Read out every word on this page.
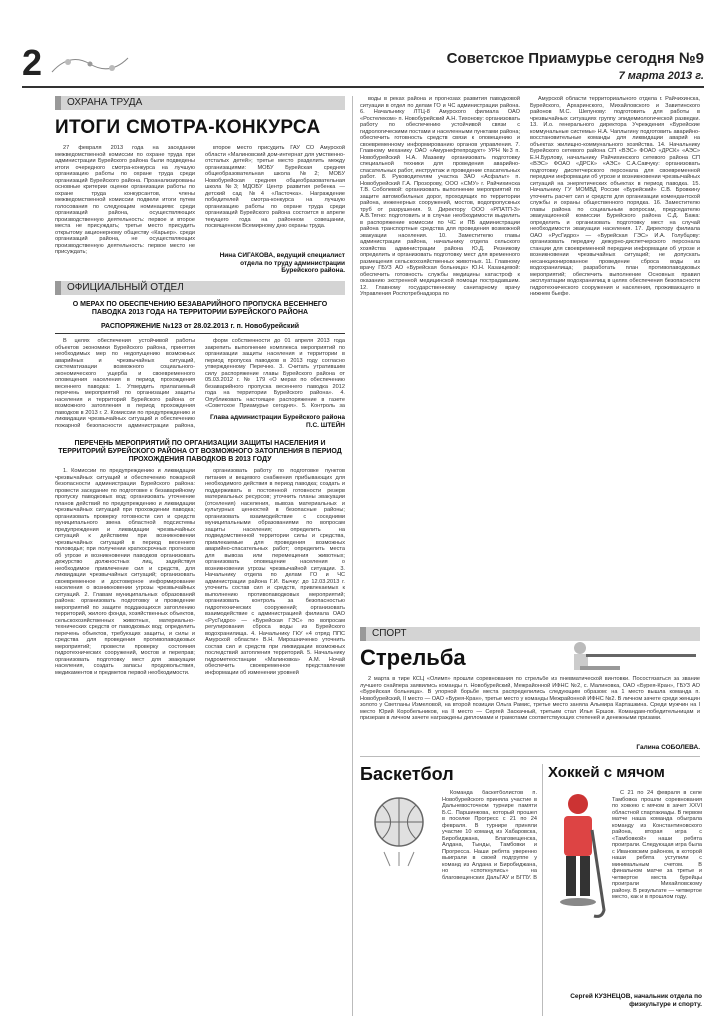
2	Советское Приамурье сегодня №9
7 марта 2013 г.
ОХРАНА ТРУДА
ИТОГИ СМОТРА-КОНКУРСА

27 февраля 2013 года на заседании межведомственной комиссии по охране труда при администрации Бурейского района были подведены итоги очередного смотра-конкурса на лучшую организацию работы по охране труда среди организаций Бурейского района. Проанализированы основные критерии оценки организации работы по охране труда конкурсантов, члены межведомственной комиссии подвели итоги путем голосования по следующим номинациям: среди организаций района, осуществляющих производственную деятельность: первое и второе места не присуждать; третье место присудить открытому акционерному обществу «Карьер». среди организаций района, не осуществляющих производственную деятельность: первое место не присуждать;

второе место присудить ГАУ СО Амурской области «Малиновский дом-интернат для умственно-отсталых детей»; третье место разделить между организациями: МОБУ Бурейская средняя общеобразовательная школа №2; МОБУ Новобурейская средняя общеобразовательная школа №3; МДОБУ Центр развития ребенка — детский сад №4 «Ласточка». Награждение победителей смотра-конкурса на лучшую организацию работы по охране труда среди организаций Бурейского района состоится в апреле текущего года на районном совещании, посвященном Всемирному дню охраны труда.

Нина СИГАКОВА, ведущий специалист отдела по труду администрации Бурейского района.
ОФИЦИАЛЬНЫЙ ОТДЕЛ
О МЕРАХ ПО ОБЕСПЕЧЕНИЮ БЕЗАВАРИЙНОГО ПРОПУСКА ВЕСЕННЕГО ПАВОДКА 2013 ГОДА НА ТЕРРИТОРИИ БУРЕЙСКОГО РАЙОНА
РАСПОРЯЖЕНИЕ №123 от 28.02.2013 г. п. Новобурейский

В целях обеспечения устойчивой работы объектов экономики Бурейского района, принятия необходимых мер по недопущению возможных аварийных и чрезвычайных ситуаций, систематизации возможного социального-экономического ущерба и своевременного оповещения населения в период прохождения весеннего паводка: 1. Утвердить прилагаемый перечень мероприятий по организации защиты населения и территорий Бурейского района от возможного затопления в период прохождения паводков в 2013 г. 2. Комиссии по предупреждению и ликвидации чрезвычайных ситуаций и обеспечению пожарной безопасности администрации района,

форм собственности до 01 апреля 2013 года закрепить выполнение комплекса мероприятий по организации защиты населения и территории в период пропуска паводков в 2013 году согласно утвержденному Перечню. 3. Считать утратившим силу распоряжение главы Бурейского района от 05.03.2012 г. № 179 «О мерах по обеспечению безаварийного пропуска весеннего паводка 2012 года на территории Бурейского района». 4. Опубликовать настоящее распоряжение в газете «Советское Приамурье сегодня». 5. Контроль за

Глава администрации Бурейского района П.С. ШТЕЙН
ПЕРЕЧЕНЬ МЕРОПРИЯТИЙ ПО ОРГАНИЗАЦИИ ЗАЩИТЫ НАСЕЛЕНИЯ И ТЕРРИТОРИЙ БУРЕЙСКОГО РАЙОНА ОТ ВОЗМОЖНОГО ЗАТОПЛЕНИЯ В ПЕРИОД ПРОХОЖДЕНИЯ ПАВОДКОВ В 2013 ГОДУ

1. Комиссии по предупреждению и ликвидации чрезвычайных ситуаций и обеспечению пожарной безопасности администрации Бурейского района: провести заседание по подготовке к безаварийному пропуску паводковых вод; организовать уточнение планов действий по предупреждению и ликвидации чрезвычайных ситуаций при прохождении паводка; организовать проверку готовности сил и средств муниципального звена областной подсистемы предупреждения и ликвидации чрезвычайных ситуаций к действиям при возникновении чрезвычайных ситуаций в период весеннего половодья; при получении краткосрочных прогнозов об угрозе и возникновении паводков организовать дежурство должностных лиц, задействуя необходимое привлечение сил и средств, для ликвидации чрезвычайных ситуаций; организовать своевременное и достоверное информирование населения о возникновении угрозы чрезвычайных ситуаций. 2. Главам муниципальных образований района: организовать подготовку и проведение мероприятий по защите поддающихся затоплению территорий, жилого фонда, хозяйственных объектов, сельскохозяйственных животных, материально-технических средств от паводковых вод; определить перечень объектов, требующих защиты, и силы и средства для проведения противопаводковых мероприятий; провести проверку состояния гидротехнических сооружений, мостов и переправ; организовать подготовку мест для эвакуации населения, создать запасы продовольствия, медикаментов и предметов первой необходимости.

организовать работу по подготовке пунктов питания и вещевого снабжения прибывающих для необходимого действия в период паводка; создать и поддерживать в постоянной готовности резерв материальных ресурсов; уточнить планы эвакуации (отселения) населения, вывоза материальных и культурных ценностей в безопасные районы; организовать взаимодействие с соседними муниципальными образованиями по вопросам защиты населения; определить на подведомственной территории силы и средства, привлекаемые для проведения возможных аварийно-спасательных работ; определить места для вывоза или перемещения животных; организовать оповещение населения о возникновении угрозы чрезвычайной ситуации. 3. Начальнику отдела по делам ГО и ЧС администрации района Г.И. Бычку: до 12.03.2013 г. уточнить состав сил и средств, привлекаемых к выполнению противопаводковых мероприятий; организовать контроль за безопасностью гидротехнических сооружений; организовать взаимодействие с администрацией филиала ОАО «РусГидро» — «Бурейская ГЭС» по вопросам регулирования сброса воды из Бурейского водохранилища. 4. Начальнику ГКУ «4 отряд ППС Амурской области» В.Н. Мирошниченко уточнить состав сил и средств при ликвидации возможных последствий затопления территорий. 5. Начальнику гидрометеостанции «Малиновка» А.М. Ночай обеспечить своевременное представление информации об изменении уровней

воды в реках района и прогнозах развития паводковой ситуации в отдел по делам ГО и ЧС администрации района. 6. Начальнику ЛТЦ-8 Амурского филиала ОАО «Ростелеком» п. Новобурейский А.Н. Тихонову: организовать работу по обеспечению устойчивой связи с гидрологическими постами и населенными пунктами района; обеспечить готовность средств связи к оповещению и своевременному информированию органов управления. 7. Главному механику ОАО «Амурнефтепродукт» УРН №3 п. Новобурейский Н.А. Мазаеву организовать подготовку специальной техники для проведения аварийно-спасательных работ, инструктаж и проведение спасательных работ. 8. Руководителям участка ЗАО «Асфальт» п. Новобурейский Г.А. Прозорову, ООО «СМУ» г. Райчихинска Т.В. Соболевой: организовать выполнение мероприятий по защите автомобильных дорог, проходящих по территории района, инженерных сооружений, мостов, водопропускных труб от разрушения. 9. Директору ООО «РПАТП-3» А.В.Тягно: подготовить и в случае необходимости выделить в распоряжение комиссии по ЧС и ПБ администрации района транспортные средства для проведения возможной эвакуации населения. 10. Заместителю главы администрации района, начальнику отдела сельского хозяйства администрации района Ю.Д. Резникову определить и организовать подготовку мест для временного размещения сельскохозяйственных животных. 11. Главному врачу ГБУЗ АО «Бурейская больница» Ю.Н. Казанцевой: обеспечить готовность службы медицины катастроф к оказанию экстренной медицинской помощи пострадавшим. 12. Главному государственному санитарному врачу Управления Роспотребнадзора по

Амурской области территориального отдела г. Райчихинска, Бурейского, Архаринского, Михайловского и Завитинского районов М.С. Шепунову: подготовить для работы в чрезвычайных ситуациях группу эпидемиологической разведки. 13. И.о. генерального директора Учреждения «Бурейские коммунальные системы» Н.А. Чаплыгину подготовить аварийно-восстановительные команды для ликвидации аварий на объектах жилищно-коммунального хозяйства. 14. Начальнику Бурейского сетевого района СП «ВЭС» ФОАО «ДРСК» «АЭС» Е.Н.Бурлову, начальнику Райчихинского сетевого района СП «ВЭС» ФОАО «ДРСК» «АЭС» С.А.Савчуку: организовать подготовку диспетчерского персонала для своевременной передачи информации об угрозе и возникновении чрезвычайных ситуаций на энергетических объектах в период паводка. 15. Начальнику ГУ МОМВД России «Бурейский» С.В. Бровкину уточнить расчет сил и средств для организации комендантской службы и охраны общественного порядка. 16. Заместителю главы района по социальным вопросам, председателю эвакуационной комиссии Бурейского района С.Д. Бажа: определить и организовать подготовку мест на случай необходимости эвакуации населения. 17. Директору филиала ОАО «РусГидро» — «Бурейская ГЭС» И.А. Голубцову: организовать передачу дежурно-диспетчерского персонала станции для своевременной передачи информации об угрозе и возникновении чрезвычайных ситуаций; не допускать несанкционированное проведение сброса воды из водохранилища; разработать план противопаводковых мероприятий; обеспечить выполнение Основных правил эксплуатации водохранилищ в целях обеспечения безопасности гидротехнического сооружения и населения, проживающего в нижнем бьефе.

СПОРТ
Стрельба

2 марта в тире КСЦ «Олимп» прошли соревнования по стрельбе из пневматической винтовки. Посостязаться за звание лучшего снайпера заявились команды п. Новобурейский, Межрайонной ИФНС №2, с. Малиновка, ОАО «Бурея-Кран», ГБУЗ АО «Бурейская больница». В упорной борьбе места распределились следующим образом: на 1 место вышла команда п. Новобурейский, II место — ОАО «Бурея-Кран», третье место у команды Межрайонной ИФНС №2. В личном зачете среди женщин золото у Светланы Измеловой, на второй позиции Ольга Рамис, третье место заняла Альмира Карташкина. Среди мужчин на I место Юрий Коробельников, на II место — Сергей Заскачный, третьим стал Илья Ершов. Командам-победительницам и призерам в личном зачете награждены дипломами и грамотами соответствующих степеней и денежными призами.

Галина СОБОЛЕВА.
Баскетбол

Команда баскетболистов п. Новобурейского приняла участие в Дальневосточном турнире памяти Б.С. Паршинкова, который прошел в поселке Прогресс с 21 по 24 февраля. В турнире приняли участие 10 команд из Хабаровска, Биробиджана, Благовещенска, Алдана, Тынды, Тамбовки и Прогресса. Наши ребята уверенно выиграли в своей подгруппе у команд из Алдана и Биробиджана, но «споткнулись» на благовещенских ДальГАУ и БГПУ. В

Хоккей с мячом

С 21 по 24 февраля в селе Тамбовка прошли соревнования по хоккею с мячом в зачет XXVI областной спартакиады. В первом матче наша команда обыграла команду из Константиновского района, вторая игра с «Тамбовкой» наши ребята проиграли. Следующая игра была с Ивановским районом, в которой наши ребята уступили с минимальным счетом. В финальном матче за третье и четвертое места бурейцы проиграли Михайловскому району. В результате — четвертое место, как и в прошлом году.

Сергей КУЗНЕЦОВ, начальник отдела по физкультуре и спорту.
